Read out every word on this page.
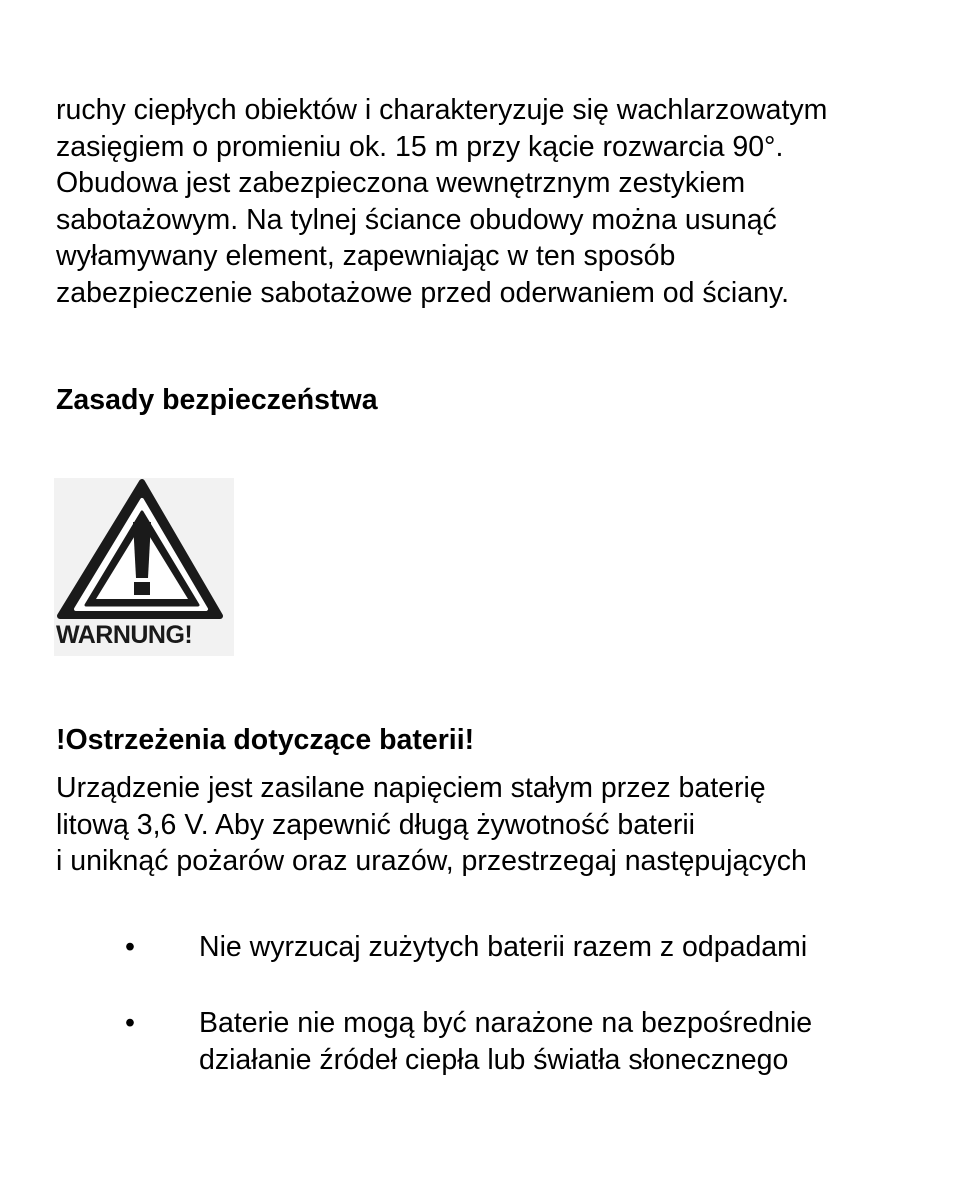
ruchy ciepłych obiektów i charakteryzuje się wachlarzowatym
zasięgiem o promieniu ok. 15 m przy kącie rozwarcia 90°.
Obudowa jest zabezpieczona wewnętrznym zestykiem
sabotażowym. Na tylnej ściance obudowy można usunąć
wyłamywany element, zapewniając w ten sposób
zabezpieczenie sabotażowe przed oderwaniem od ściany.

Zasady bezpieczeństwa
WARNUNG!
!Ostrzeżenia dotyczące baterii!

Urządzenie jest zasilane napięciem stałym przez baterię
litową 3,6 V. Aby zapewnić długą żywotność baterii
i uniknąć pożarów oraz urazów, przestrzegaj następujących

• Nie wyrzucaj zużytych baterii razem z odpadami
• Baterie nie mogą być narażone na bezpośrednie
działanie źródeł ciepła lub światła słonecznego
